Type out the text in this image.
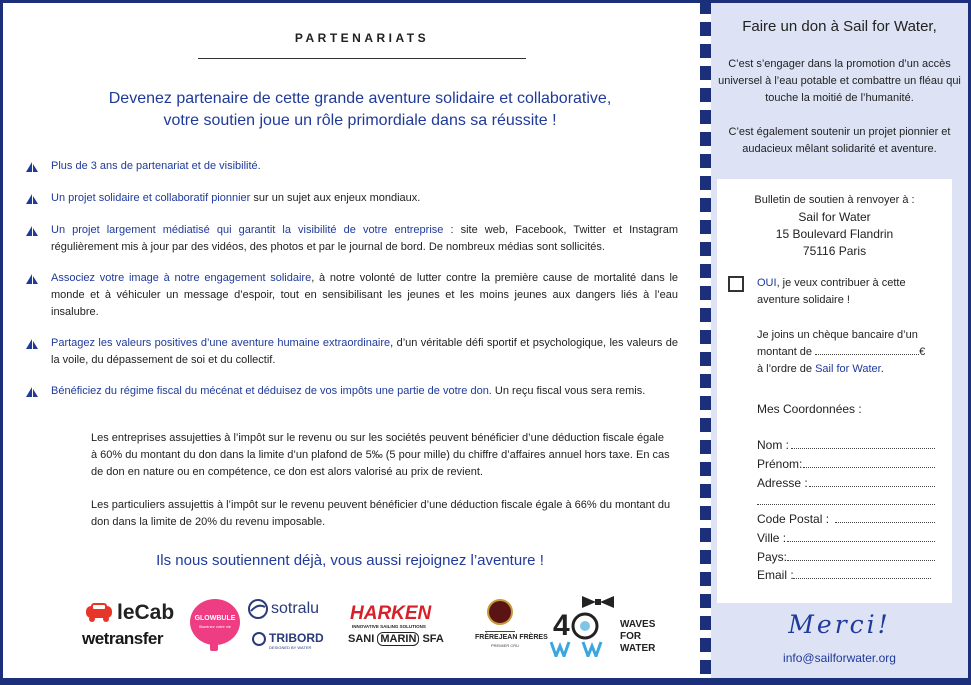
PARTENARIATS
Devenez partenaire de cette grande aventure solidaire et collaborative,
votre soutien joue un rôle primordiale dans sa réussite !
Plus de 3 ans de partenariat et de visibilité.
Un projet solidaire et collaboratif pionnier sur un sujet aux enjeux mondiaux.
Un projet largement médiatisé qui garantit la visibilité de votre entreprise : site web, Facebook, Twitter et Instagram régulièrement mis à jour par des vidéos, des photos et par le journal de bord. De nombreux médias sont sollicités.
Associez votre image à notre engagement solidaire, à notre volonté de lutter contre la première cause de mortalité dans le monde et à véhiculer un message d’espoir, tout en sensibilisant les jeunes et les moins jeunes aux dangers liés à l’eau insalubre.
Partagez les valeurs positives d’une aventure humaine extraordinaire, d’un véritable défi sportif et psychologique, les valeurs de la voile, du dépassement de soi et du collectif.
Bénéficiez du régime fiscal du mécénat et déduisez de vos impôts une partie de votre don. Un reçu fiscal vous sera remis.
Les entreprises assujetties à l’impôt sur le revenu ou sur les sociétés peuvent bénéficier d’une déduction fiscale égale à 60% du montant du don dans la limite d’un plafond de 5‰ (5 pour mille) du chiffre d’affaires annuel hors taxe. En cas de don en nature ou en compétence, ce don est alors valorisé au prix de revient.
Les particuliers assujettis à l’impôt sur le revenu peuvent bénéficier d’une déduction fiscale égale à 66% du montant du don dans la limite de 20% du revenu imposable.
Ils nous soutiennent déjà, vous aussi rejoignez l’aventure !
leCab
wetransfer
GLOWBULE
Illuminez votre vie
sotralu
TRIBORD
DESIGNED BY WATER
HARKEN
INNOVATIVE SAILING SOLUTIONS
SANI MARIN SFA	FRÈREJEAN FRÈRES
PREMIER CRU
4	WAVES
FOR
WATER
Faire un don à Sail for Water,
C’est s’engager dans la promotion d’un accès universel à l’eau potable et combattre un fléau qui touche la moitié de l’humanité.
C’est également soutenir un projet pionnier et audacieux mêlant solidarité et aventure.
Bulletin de soutien à renvoyer à :
Sail for Water
15 Boulevard Flandrin
75116 Paris
OUI, je veux contribuer à cette aventure solidaire !
Je joins un chèque bancaire d’un montant de	€
à l’ordre de Sail for Water.
Mes Coordonnées :
Nom :
Prénom:
Adresse :
Code Postal :
Ville :
Pays:
Email :
Merci!
info@sailforwater.org
